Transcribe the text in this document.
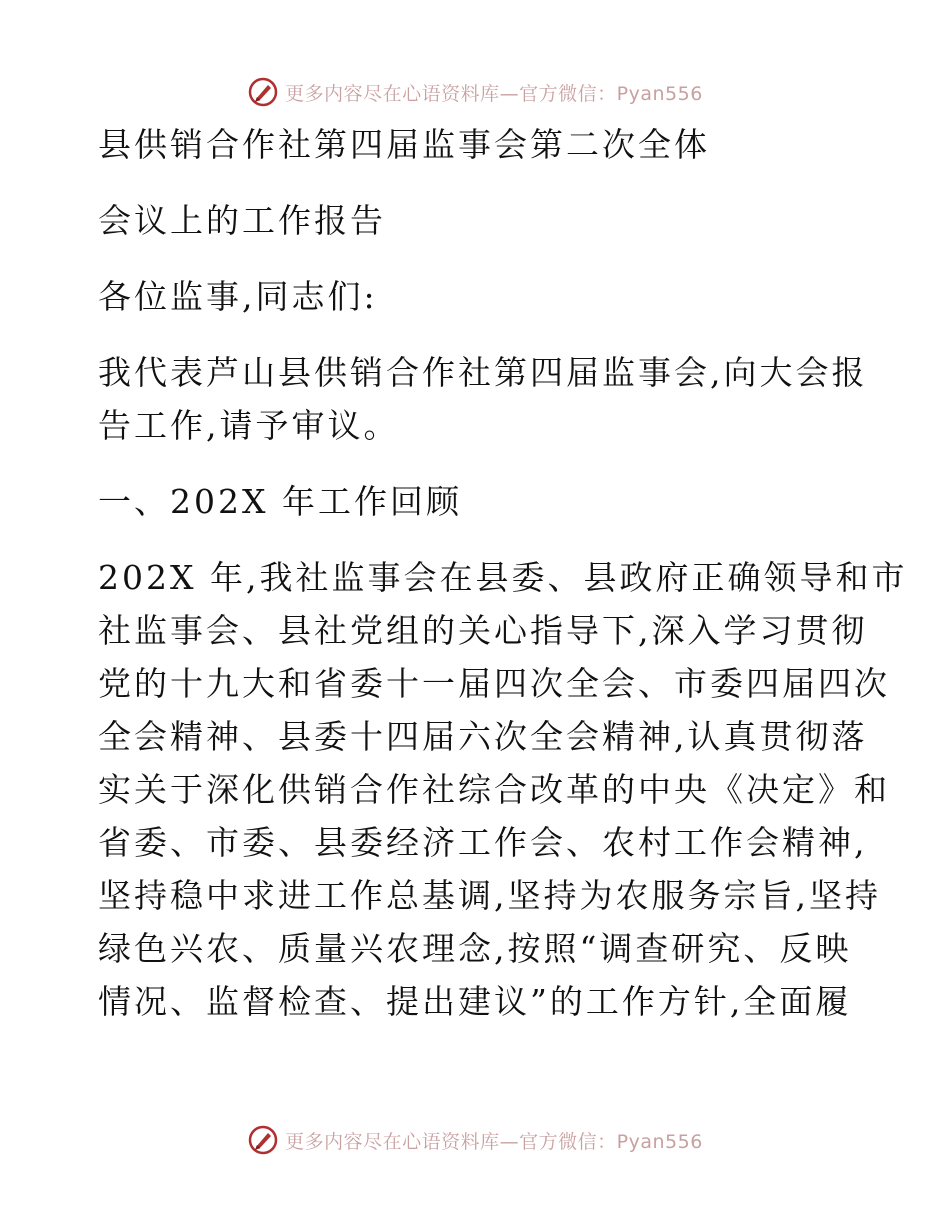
更多内容尽在心语资料库—官方微信：Pyan556

县供销合作社第四届监事会第二次全体

会议上的工作报告

各位监事,同志们:

我代表芦山县供销合作社第四届监事会,向大会报

告工作,请予审议。

一、202X 年工作回顾

202X 年,我社监事会在县委、县政府正确领导和市

社监事会、县社党组的关心指导下,深入学习贯彻

党的十九大和省委十一届四次全会、市委四届四次

全会精神、县委十四届六次全会精神,认真贯彻落

实关于深化供销合作社综合改革的中央《决定》和

省委、市委、县委经济工作会、农村工作会精神,

坚持稳中求进工作总基调,坚持为农服务宗旨,坚持

绿色兴农、质量兴农理念,按照“调查研究、反映

情况、监督检查、提出建议”的工作方针,全面履

更多内容尽在心语资料库—官方微信：Pyan556
